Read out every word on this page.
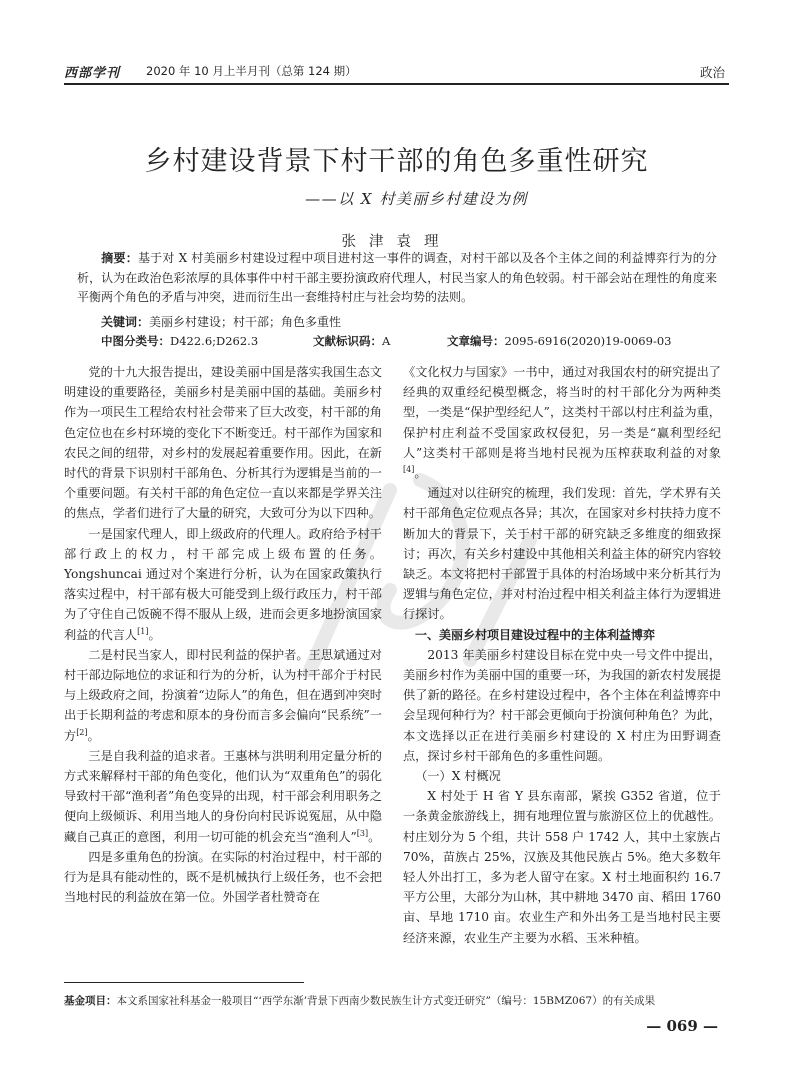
西部学刊 2020 年 10 月上半月刊（总第 124 期）	政治
乡村建设背景下村干部的角色多重性研究
——以 X 村美丽乡村建设为例
张津袁理
摘要：基于对 X 村美丽乡村建设过程中项目进村这一事件的调查，对村干部以及各个主体之间的利益博弈行为的分析，认为在政治色彩浓厚的具体事件中村干部主要扮演政府代理人，村民当家人的角色较弱。村干部会站在理性的角度来平衡两个角色的矛盾与冲突，进而衍生出一套维持村庄与社会均势的法则。
关键词：美丽乡村建设；村干部；角色多重性
中图分类号：D422.6;D262.3	文献标识码：A	文章编号：2095-6916(2020)19-0069-03

党的十九大报告提出，建设美丽中国是落实我国生态文明建设的重要路径，美丽乡村是美丽中国的基础。美丽乡村作为一项民生工程给农村社会带来了巨大改变，村干部的角色定位也在乡村环境的变化下不断变迁。村干部作为国家和农民之间的纽带，对乡村的发展起着重要作用。因此，在新时代的背景下识别村干部角色、分析其行为逻辑是当前的一个重要问题。有关村干部的角色定位一直以来都是学界关注的焦点，学者们进行了大量的研究，大致可分为以下四种。

一是国家代理人，即上级政府的代理人。政府给予村干部行政上的权力，村干部完成上级布置的任务。Yongshuncai 通过对个案进行分析，认为在国家政策执行落实过程中，村干部有极大可能受到上级行政压力，村干部为了守住自己饭碗不得不服从上级，进而会更多地扮演国家利益的代言人[1]。

二是村民当家人，即村民利益的保护者。王思斌通过对村干部边际地位的求证和行为的分析，认为村干部介于村民与上级政府之间，扮演着“边际人”的角色，但在遇到冲突时出于长期利益的考虑和原本的身份而言多会偏向“民系统”一方[2]。

三是自我利益的追求者。王惠林与洪明利用定量分析的方式来解释村干部的角色变化，他们认为“双重角色”的弱化导致村干部“渔利者”角色变异的出现，村干部会利用职务之便向上级倾诉、利用当地人的身份向村民诉说冤屈，从中隐藏自己真正的意图，利用一切可能的机会充当“渔利人”[3]。

四是多重角色的扮演。在实际的村治过程中，村干部的行为是具有能动性的，既不是机械执行上级任务，也不会把当地村民的利益放在第一位。外国学者杜赞奇在

《文化权力与国家》一书中，通过对我国农村的研究提出了经典的双重经纪模型概念，将当时的村干部化分为两种类型，一类是“保护型经纪人”，这类村干部以村庄利益为重，保护村庄利益不受国家政权侵犯，另一类是“赢利型经纪人”这类村干部则是将当地村民视为压榨获取利益的对象[4]。

通过对以往研究的梳理，我们发现：首先，学术界有关村干部角色定位观点各异；其次，在国家对乡村扶持力度不断加大的背景下，关于村干部的研究缺乏多维度的细致探讨；再次，有关乡村建设中其他相关利益主体的研究内容较缺乏。本文将把村干部置于具体的村治场域中来分析其行为逻辑与角色定位，并对村治过程中相关利益主体行为逻辑进行探讨。

一、美丽乡村项目建设过程中的主体利益博弈

2013 年美丽乡村建设目标在党中央一号文件中提出，美丽乡村作为美丽中国的重要一环，为我国的新农村发展提供了新的路径。在乡村建设过程中，各个主体在利益博弈中会呈现何种行为？村干部会更倾向于扮演何种角色？为此，本文选择以正在进行美丽乡村建设的 X 村庄为田野调查点，探讨乡村干部角色的多重性问题。

（一）X 村概况

X 村处于 H 省 Y 县东南部，紧挨 G352 省道，位于一条黄金旅游线上，拥有地理位置与旅游区位上的优越性。村庄划分为 5 个组，共计 558 户 1742 人，其中土家族占 70%，苗族占 25%，汉族及其他民族占 5%。绝大多数年轻人外出打工，多为老人留守在家。X 村土地面积约 16.7 平方公里，大部分为山林，其中耕地 3470 亩、稻田 1760 亩、旱地 1710 亩。农业生产和外出务工是当地村民主要经济来源，农业生产主要为水稻、玉米种植。

基金项目：本文系国家社科基金一般项目“‘西学东渐’背景下西南少数民族生计方式变迁研究”（编号：15BMZ067）的有关成果
— 069 —
